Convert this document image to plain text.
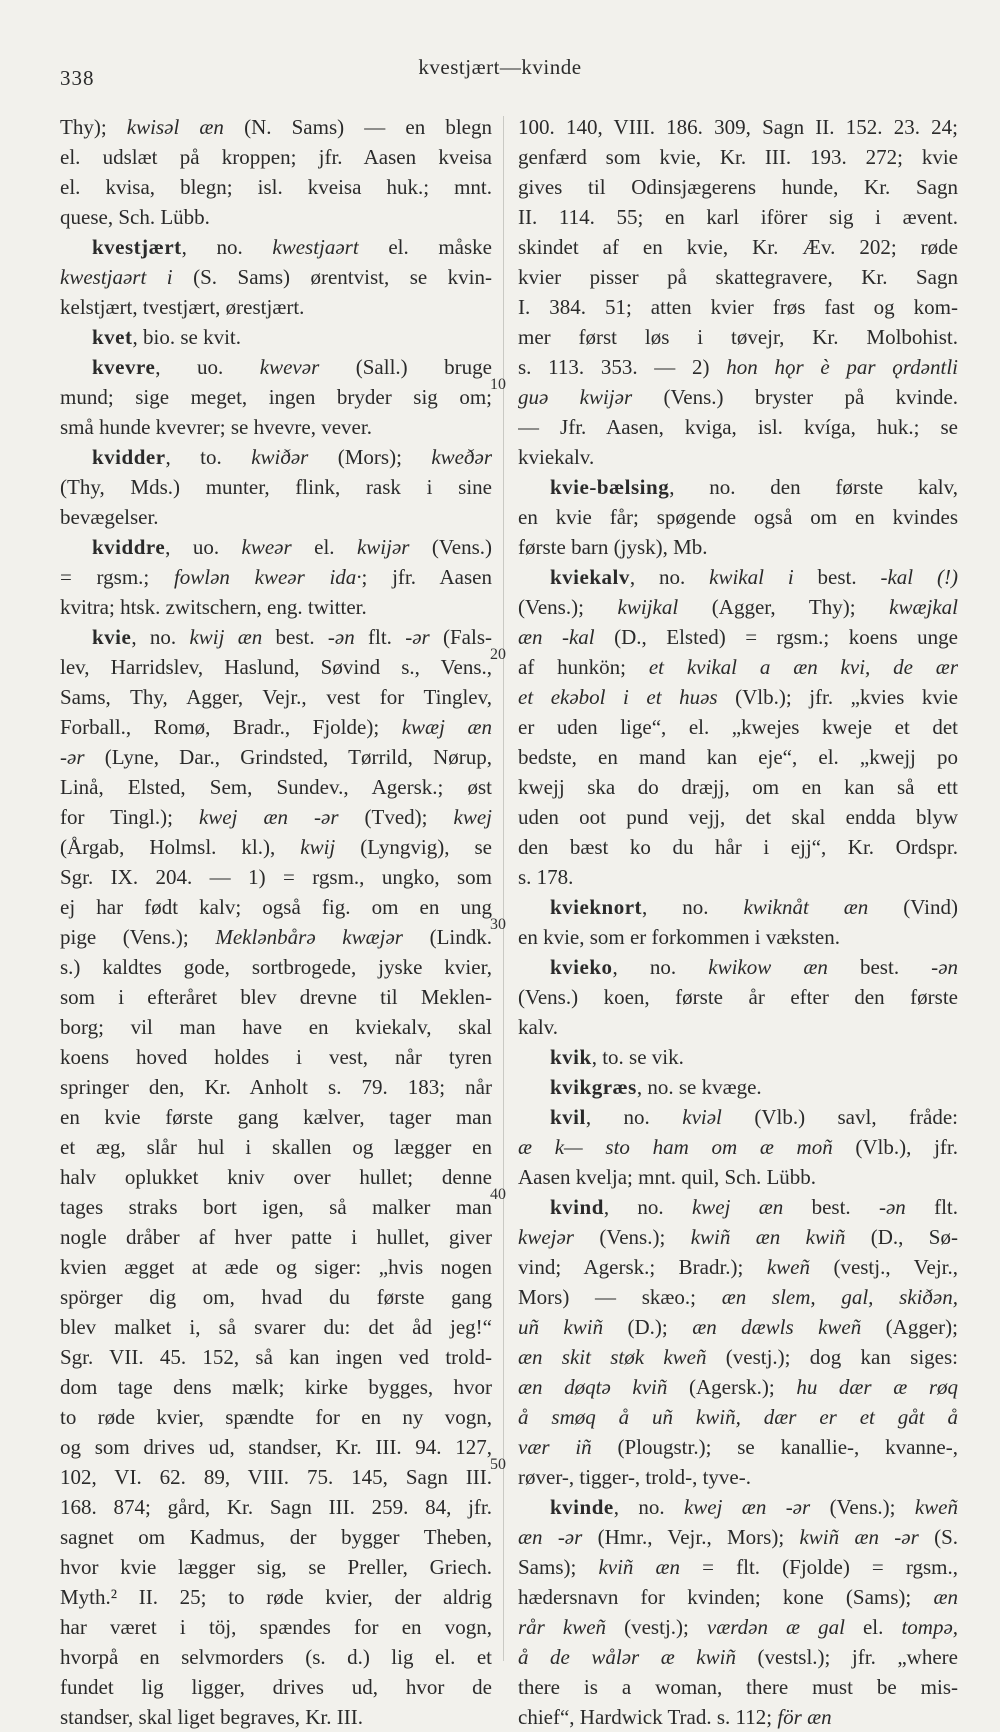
338	kvestjært—kvinde
Thy); kwisəl æn (N. Sams) — en blegn
el. udslæt på kroppen; jfr. Aasen kveisa
el. kvisa, blegn; isl. kveisa huk.; mnt.
quese, Sch. Lübb.
kvestjært, no. kwestjaərt el. måske
kwestjaərt i (S. Sams) ørentvist, se kvin-
kelstjært, tvestjært, ørestjært.
kvet, bio. se kvit.
kvevre, uo. kwevər (Sall.) bruge
mund; sige meget, ingen bryder sig om;
små hunde kvevrer; se hvevre, vever.
kvidder, to. kwiðər (Mors); kweðər
(Thy, Mds.) munter, flink, rask i sine
bevægelser.
kviddre, uo. kweər el. kwijər (Vens.)
= rgsm.; fowlən kweər ida·; jfr. Aasen
kvitra; htsk. zwitschern, eng. twitter.
kvie, no. kwij æn best. -ən flt. -ər (Fals-
lev, Harridslev, Haslund, Søvind s., Vens.,
Sams, Thy, Agger, Vejr., vest for Tinglev,
Forball., Romø, Bradr., Fjolde); kwæj æn
-ər (Lyne, Dar., Grindsted, Tørrild, Nørup,
Linå, Elsted, Sem, Sundev., Agersk.; øst
for Tingl.); kwej æn -ər (Tved); kwej
(Årgab, Holmsl. kl.), kwij (Lyngvig), se
Sgr. IX. 204. — 1) = rgsm., ungko, som
ej har født kalv; også fig. om en ung
pige (Vens.); Meklənbårə kwæjər (Lindk.
s.) kaldtes gode, sortbrogede, jyske kvier,
som i efteråret blev drevne til Meklen-
borg; vil man have en kviekalv, skal
koens hoved holdes i vest, når tyren
springer den, Kr. Anholt s. 79. 183; når
en kvie første gang kælver, tager man
et æg, slår hul i skallen og lægger en
halv oplukket kniv over hullet; denne
tages straks bort igen, så malker man
nogle dråber af hver patte i hullet, giver
kvien ægget at æde og siger: „hvis nogen
spörger dig om, hvad du første gang
blev malket i, så svarer du: det åd jeg!“
Sgr. VII. 45. 152, så kan ingen ved trold-
dom tage dens mælk; kirke bygges, hvor
to røde kvier, spændte for en ny vogn,
og som drives ud, standser, Kr. III. 94. 127,
102, VI. 62. 89, VIII. 75. 145, Sagn III.
168. 874; gård, Kr. Sagn III. 259. 84, jfr.
sagnet om Kadmus, der bygger Theben,
hvor kvie lægger sig, se Preller, Griech.
Myth.² II. 25; to røde kvier, der aldrig
har været i töj, spændes for en vogn,
hvorpå en selvmorders (s. d.) lig el. et
fundet lig ligger, drives ud, hvor de
standser, skal liget begraves, Kr. III.
100. 140, VIII. 186. 309, Sagn II. 152. 23. 24;
genfærd som kvie, Kr. III. 193. 272; kvie
gives til Odinsjægerens hunde, Kr. Sagn
II. 114. 55; en karl iförer sig i ævent.
skindet af en kvie, Kr. Æv. 202; røde
kvier pisser på skattegravere, Kr. Sagn
I. 384. 51; atten kvier frøs fast og kom-
mer først løs i tøvejr, Kr. Molbohist.
s. 113. 353. — 2) hon hǫr è par ǫrdəntli
guə kwijər (Vens.) bryster på kvinde.
— Jfr. Aasen, kviga, isl. kvíga, huk.; se
kviekalv.
kvie-bælsing, no. den første kalv,
en kvie får; spøgende også om en kvindes
første barn (jysk), Mb.
kviekalv, no. kwikal i best. -kal (!)
(Vens.); kwijkal (Agger, Thy); kwæjkal
æn -kal (D., Elsted) = rgsm.; koens unge
af hunkön; et kvikal a æn kvi, de ær
et ekəbol i et huəs (Vlb.); jfr. „kvies kvie
er uden lige“, el. „kwejes kweje et det
bedste, en mand kan eje“, el. „kwejj po
kwejj ska do dræjj, om en kan så ett
uden oot pund vejj, det skal endda blyw
den bæst ko du hår i ejj“, Kr. Ordspr.
s. 178.
kvieknort, no. kwiknåt æn (Vind)
en kvie, som er forkommen i væksten.
kvieko, no. kwikow æn best. -ən
(Vens.) koen, første år efter den første
kalv.
kvik, to. se vik.
kvikgræs, no. se kvæge.
kvil, no. kviəl (Vlb.) savl, fråde:
æ k— sto ham om æ moñ (Vlb.), jfr.
Aasen kvelja; mnt. quil, Sch. Lübb.
kvind, no. kwej æn best. -ən flt.
kwejər (Vens.); kwiñ æn kwiñ (D., Sø-
vind; Agersk.; Bradr.); kweñ (vestj., Vejr.,
Mors) — skæo.; æn slem, gal, skiðən,
uñ kwiñ (D.); æn dæwls kweñ (Agger);
æn skit støk kweñ (vestj.); dog kan siges:
æn døqtə kviñ (Agersk.); hu dær æ røq
å smøq å uñ kwiñ, dær er et gåt å
vær iñ (Plougstr.); se kanallie-, kvanne-,
røver-, tigger-, trold-, tyve-.
kvinde, no. kwej æn -ər (Vens.); kweñ
æn -ər (Hmr., Vejr., Mors); kwiñ æn -ər (S.
Sams); kviñ æn = flt. (Fjolde) = rgsm.,
hædersnavn for kvinden; kone (Sams); æn
rår kweñ (vestj.); værdən æ gal el. tompə,
å de wålər æ kwiñ (vestsl.); jfr. „where
there is a woman, there must be mis-
chief“, Hardwick Trad. s. 112; för æn
10
20
30
40
50
